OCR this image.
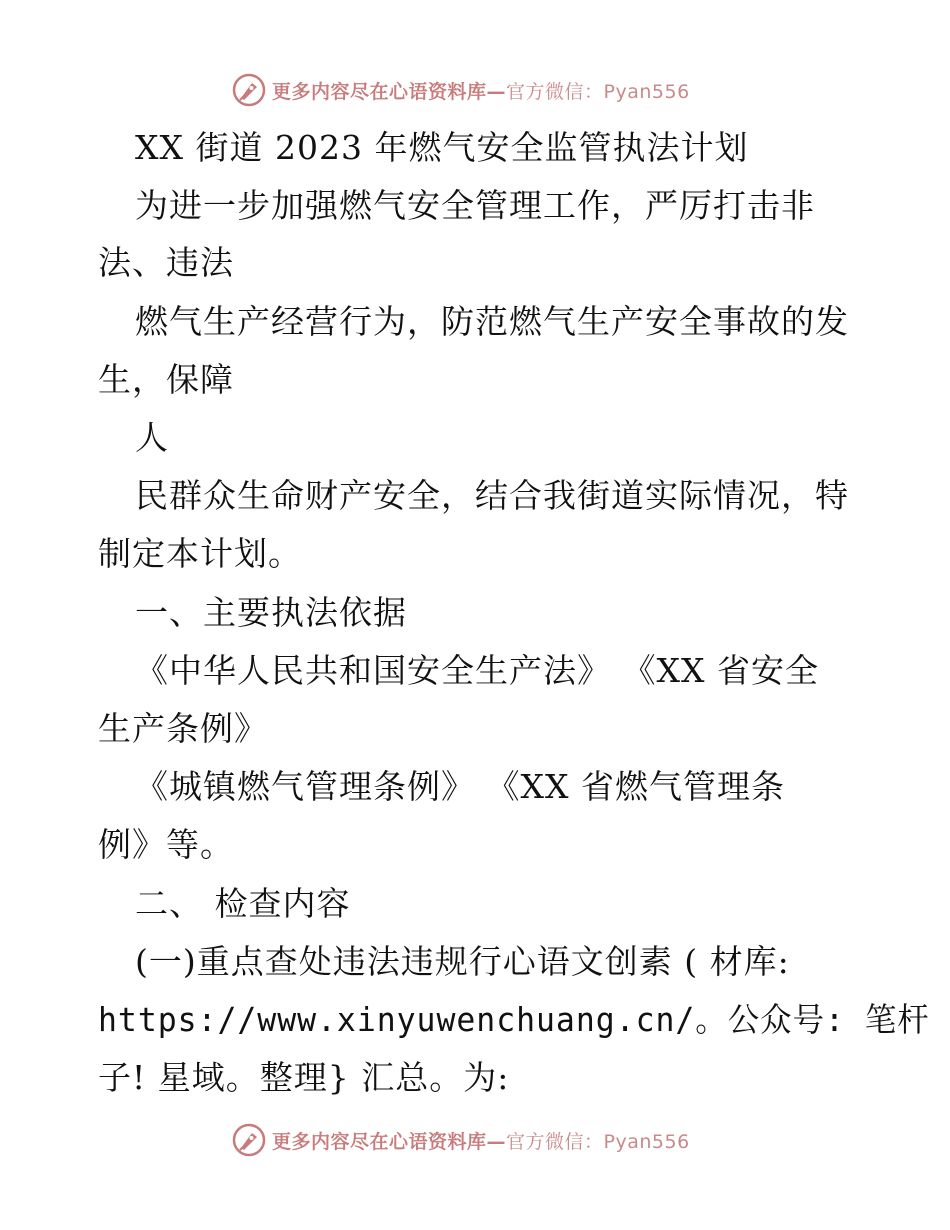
更多内容尽在心语资料库—官方微信：Pyan556
XX 街道 2023 年燃气安全监管执法计划
为进一步加强燃气安全管理工作，严厉打击非
法、违法
燃气生产经营行为，防范燃气生产安全事故的发
生，保障
人
民群众生命财产安全，结合我街道实际情况，特
制定本计划。
一、主要执法依据
《中华人民共和国安全生产法》 《XX 省安全
生产条例》
《城镇燃气管理条例》 《XX 省燃气管理条
例》等。
二、 检查内容
(一)重点查处违法违规行心语文创素 ( 材库:
https://www.xinyuwenchuang.cn/。公众号: 笔杆
子! 星域。整理} 汇总。为:
更多内容尽在心语资料库—官方微信：Pyan556
